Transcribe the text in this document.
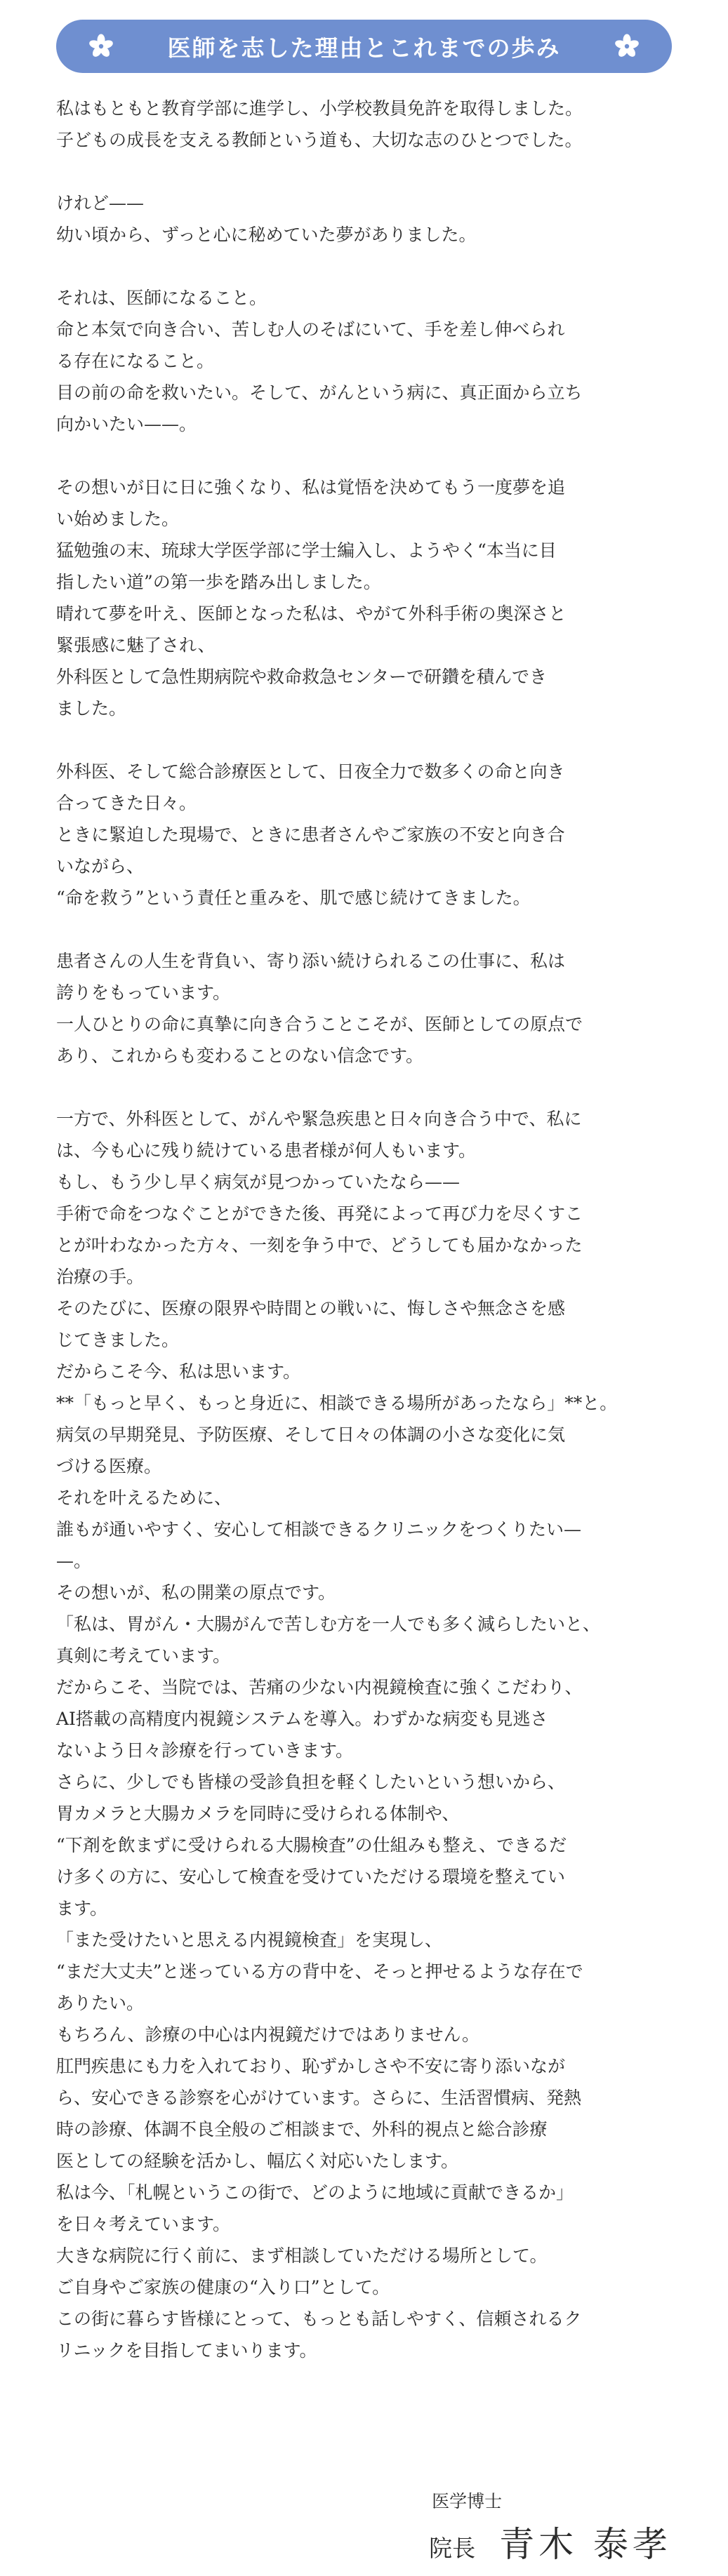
医師を志した理由とこれまでの歩み

私はもともと教育学部に進学し、小学校教員免許を取得しました。
子どもの成長を支える教師という道も、大切な志のひとつでした。

けれど——
幼い頃から、ずっと心に秘めていた夢がありました。

それは、医師になること。
命と本気で向き合い、苦しむ人のそばにいて、手を差し伸べられ
る存在になること。
目の前の命を救いたい。そして、がんという病に、真正面から立ち
向かいたい——。

その想いが日に日に強くなり、私は覚悟を決めてもう一度夢を追
い始めました。
猛勉強の末、琉球大学医学部に学士編入し、ようやく“本当に目
指したい道”の第一歩を踏み出しました。
晴れて夢を叶え、医師となった私は、やがて外科手術の奥深さと
緊張感に魅了され、
外科医として急性期病院や救命救急センターで研鑽を積んでき
ました。

外科医、そして総合診療医として、日夜全力で数多くの命と向き
合ってきた日々。
ときに緊迫した現場で、ときに患者さんやご家族の不安と向き合
いながら、
“命を救う”という責任と重みを、肌で感じ続けてきました。

患者さんの人生を背負い、寄り添い続けられるこの仕事に、私は
誇りをもっています。
一人ひとりの命に真摯に向き合うことこそが、医師としての原点で
あり、これからも変わることのない信念です。

一方で、外科医として、がんや緊急疾患と日々向き合う中で、私に
は、今も心に残り続けている患者様が何人もいます。
もし、もう少し早く病気が見つかっていたなら——
手術で命をつなぐことができた後、再発によって再び力を尽くすこ
とが叶わなかった方々、一刻を争う中で、どうしても届かなかった
治療の手。
そのたびに、医療の限界や時間との戦いに、悔しさや無念さを感
じてきました。
だからこそ今、私は思います。
**「もっと早く、もっと身近に、相談できる場所があったなら」**と。
病気の早期発見、予防医療、そして日々の体調の小さな変化に気
づける医療。
それを叶えるために、
誰もが通いやすく、安心して相談できるクリニックをつくりたい—
—。
その想いが、私の開業の原点です。
「私は、胃がん・大腸がんで苦しむ方を一人でも多く減らしたいと、
真剣に考えています。
だからこそ、当院では、苦痛の少ない内視鏡検査に強くこだわり、
AI搭載の高精度内視鏡システムを導入。わずかな病変も見逃さ
ないよう日々診療を行っていきます。
さらに、少しでも皆様の受診負担を軽くしたいという想いから、
胃カメラと大腸カメラを同時に受けられる体制や、
“下剤を飲まずに受けられる大腸検査”の仕組みも整え、できるだ
け多くの方に、安心して検査を受けていただける環境を整えてい
ます。
「また受けたいと思える内視鏡検査」を実現し、
“まだ大丈夫”と迷っている方の背中を、そっと押せるような存在で
ありたい。
もちろん、診療の中心は内視鏡だけではありません。
肛門疾患にも力を入れており、恥ずかしさや不安に寄り添いなが
ら、安心できる診察を心がけています。さらに、生活習慣病、発熱
時の診療、体調不良全般のご相談まで、外科的視点と総合診療
医としての経験を活かし、幅広く対応いたします。
私は今、「札幌というこの街で、どのように地域に貢献できるか」
を日々考えています。
大きな病院に行く前に、まず相談していただける場所として。
ご自身やご家族の健康の“入り口”として。
この街に暮らす皆様にとって、もっとも話しやすく、信頼されるク
リニックを目指してまいります。

医学博士
院長 青木 泰孝
